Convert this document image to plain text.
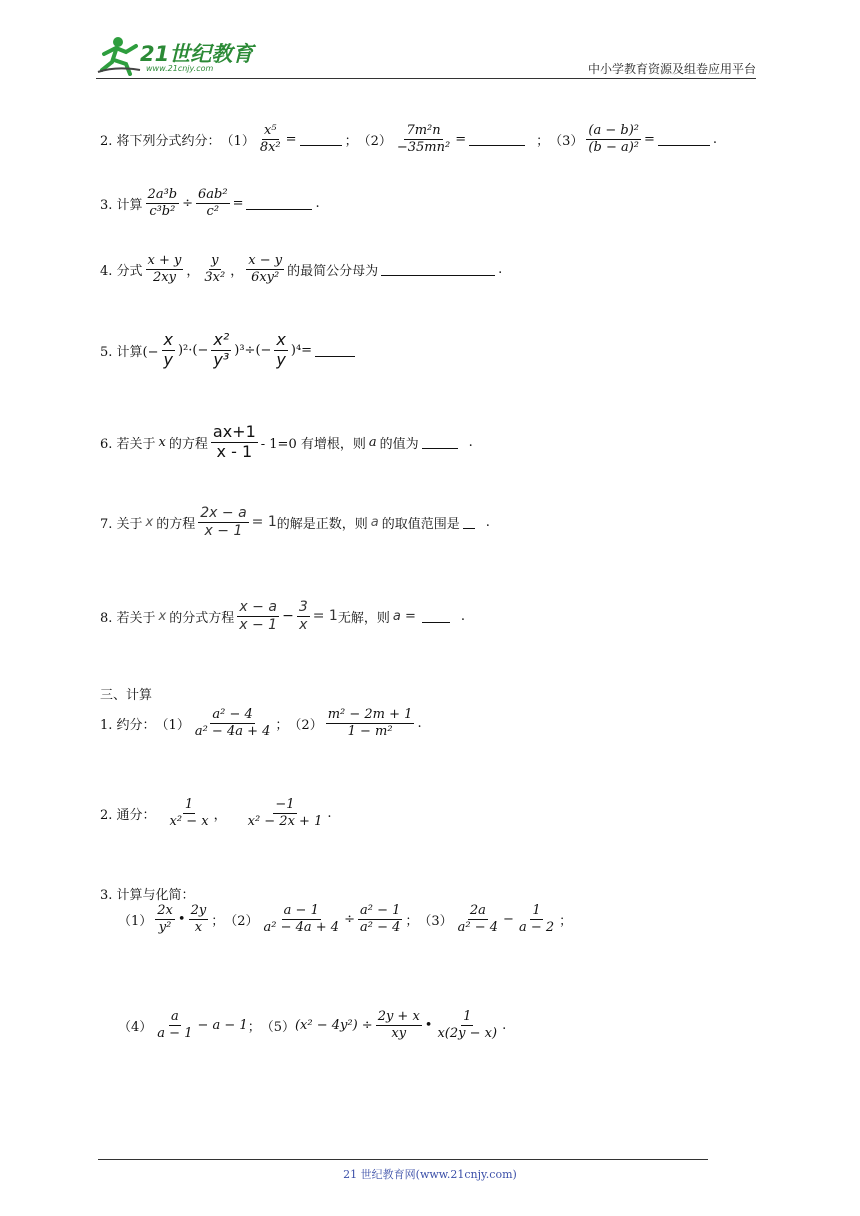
21世纪教育
www.21cnjy.com	中小学教育资源及组卷应用平台
2. 将下列分式约分： $(1) \frac{\text{x⁵}}{\text{8x²}}$ =	； $(2) \frac{\text{7m²n}}{\text{−35mn²}}$ =	； $(3) \frac{\text{(a − b)²}}{\text{(b − a)²}}$ =	.
3. 计算 $\frac{\text{2a³b}}{\text{c³b²}} \div \frac{\text{6ab²}}{\text{c²}}$ =	.
4. 分式 $\frac{x + y}{2xy}$ ， $\frac{y}{\text{3x²}}$ ， $\frac{x - y}{\text{6xy²}}$ 的最简公分母为	.
5. 计算(− $\frac{x}{y} )^2\cdot(- \frac{\text{x²}}{\text{y³}} )^3\div(- \frac{x}{y} )^4=$
6. 若关于 x 的方程 $\frac{ax+1}{x - 1} - 1=0$ 有增根，则 a 的值为	.
7. 关于 x 的方程 $\frac{2x - a}{x - 1} = 1$ 的解是正数，则 a 的取值范围是 .
8. 若关于 x 的分式方程 $\frac{x - a}{x - 1} - \frac{3}{x} = 1$ 无解，则 a =	.
三、计算
1. 约分： $(1) \frac{\text{a² − 4}}{\text{a² − 4a + 4}}$ ； $(2) \frac{\text{m² − 2m + 1}}{\text{1 − m²}}$ .
2. 通分： $\frac{1}{\text{x² − x}}$ ， $\frac{-1}{\text{x² − 2x + 1}}$ .
3. 计算与化简：
$(1) \frac{2x}{\text{y²}}$ • $\frac{2y}{x}$ ； $(2) \frac{a - 1}{\text{a² − 4a + 4}} \div \frac{\text{a² − 1}}{\text{a² − 4}}$ ； $(3) \frac{2a}{\text{a² − 4}} - \frac{1}{a - 2}$ ；
$(4) \frac{a}{a - 1} - a - 1$ ； （5） $(x^2 - 4y^2) \div \frac{2y + x}{xy}$ • $\frac{1}{x(2y - x)}$ .
21 世纪教育网(www.21cnjy.com)
